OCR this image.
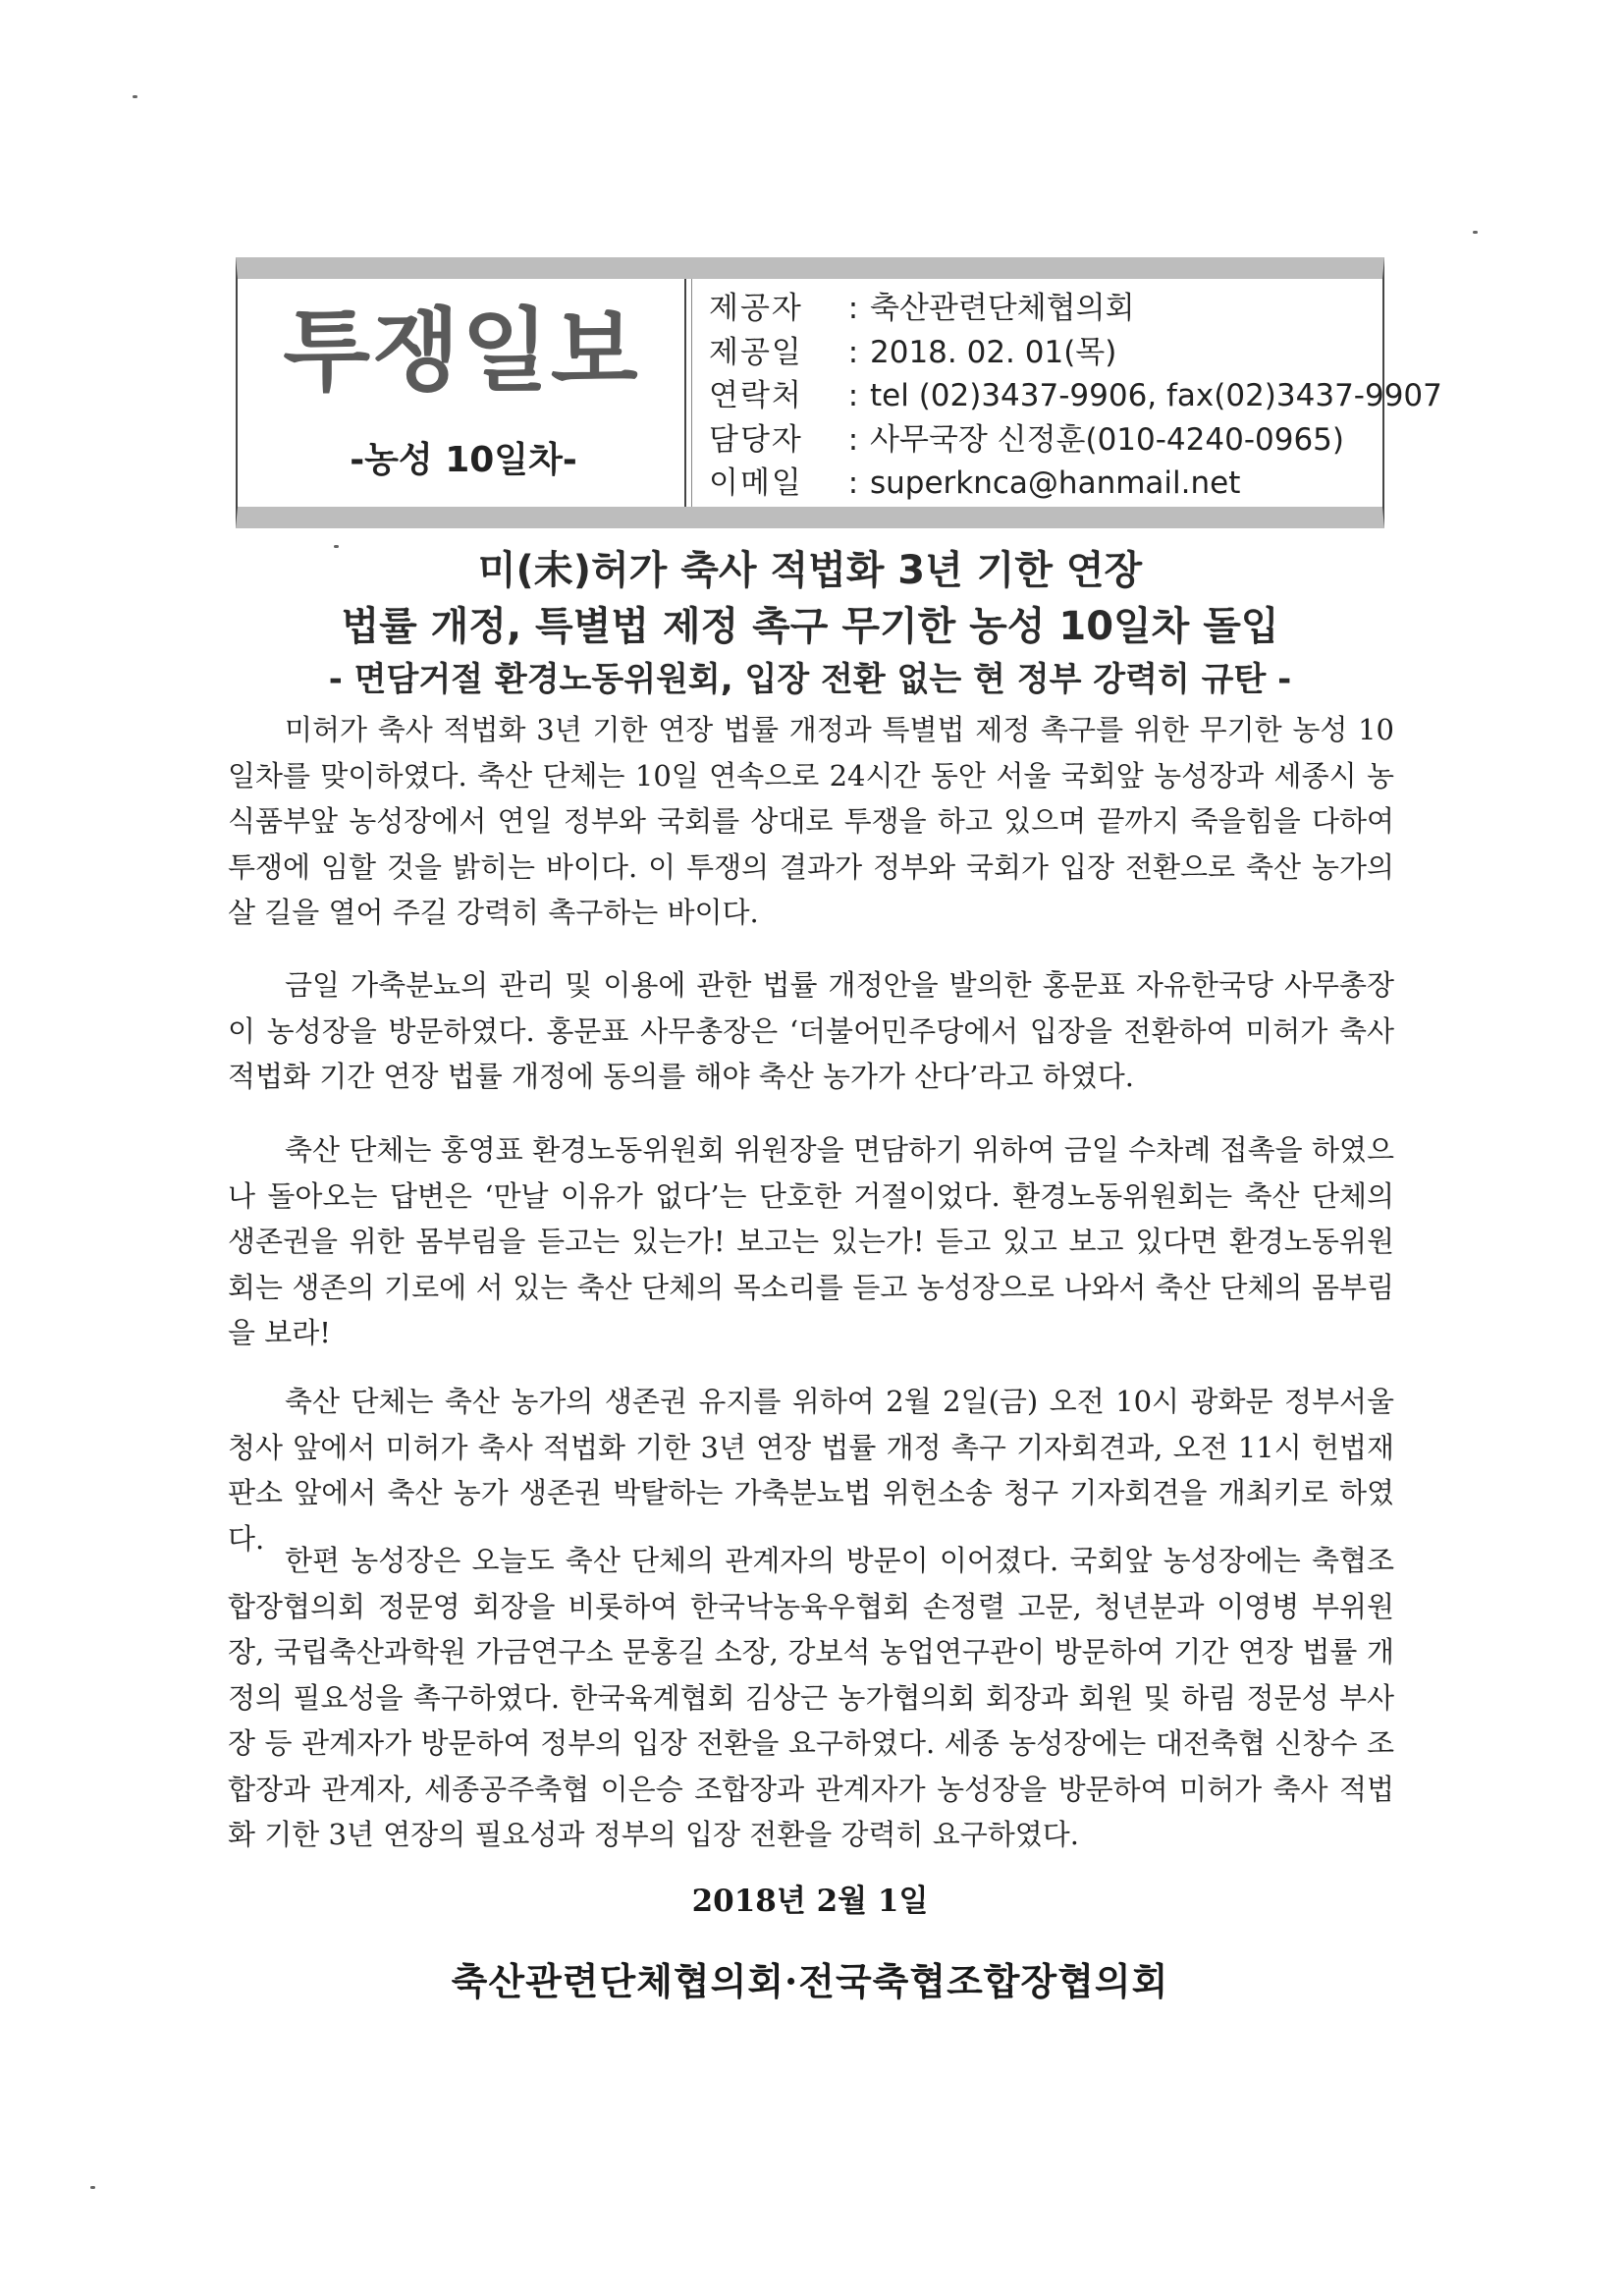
투쟁일보
-농성 10일차-
제공자 : 축산관련단체협의회
제공일 : 2018. 02. 01(목)
연락처 : tel (02)3437-9906, fax(02)3437-9907
담당자 : 사무국장 신정훈(010-4240-0965)
이메일 : superknca@hanmail.net
미(未)허가 축사 적법화 3년 기한 연장
법률 개정, 특별법 제정 촉구 무기한 농성 10일차 돌입
- 면담거절 환경노동위원회, 입장 전환 없는 현 정부 강력히 규탄 -

미허가 축사 적법화 3년 기한 연장 법률 개정과 특별법 제정 촉구를 위한 무기한 농성 10일차를 맞이하였다. 축산 단체는 10일 연속으로 24시간 동안 서울 국회앞 농성장과 세종시 농식품부앞 농성장에서 연일 정부와 국회를 상대로 투쟁을 하고 있으며 끝까지 죽을힘을 다하여 투쟁에 임할 것을 밝히는 바이다. 이 투쟁의 결과가 정부와 국회가 입장 전환으로 축산 농가의 살 길을 열어 주길 강력히 촉구하는 바이다.

금일 가축분뇨의 관리 및 이용에 관한 법률 개정안을 발의한 홍문표 자유한국당 사무총장이 농성장을 방문하였다. 홍문표 사무총장은 ‘더불어민주당에서 입장을 전환하여 미허가 축사 적법화 기간 연장 법률 개정에 동의를 해야 축산 농가가 산다’라고 하였다.

축산 단체는 홍영표 환경노동위원회 위원장을 면담하기 위하여 금일 수차례 접촉을 하였으나 돌아오는 답변은 ‘만날 이유가 없다’는 단호한 거절이었다. 환경노동위원회는 축산 단체의 생존권을 위한 몸부림을 듣고는 있는가! 보고는 있는가! 듣고 있고 보고 있다면 환경노동위원회는 생존의 기로에 서 있는 축산 단체의 목소리를 듣고 농성장으로 나와서 축산 단체의 몸부림을 보라!

축산 단체는 축산 농가의 생존권 유지를 위하여 2월 2일(금) 오전 10시 광화문 정부서울청사 앞에서 미허가 축사 적법화 기한 3년 연장 법률 개정 촉구 기자회견과, 오전 11시 헌법재판소 앞에서 축산 농가 생존권 박탈하는 가축분뇨법 위헌소송 청구 기자회견을 개최키로 하였다.

한편 농성장은 오늘도 축산 단체의 관계자의 방문이 이어졌다. 국회앞 농성장에는 축협조합장협의회 정문영 회장을 비롯하여 한국낙농육우협회 손정렬 고문, 청년분과 이영병 부위원장, 국립축산과학원 가금연구소 문홍길 소장, 강보석 농업연구관이 방문하여 기간 연장 법률 개정의 필요성을 촉구하였다. 한국육계협회 김상근 농가협의회 회장과 회원 및 하림 정문성 부사장 등 관계자가 방문하여 정부의 입장 전환을 요구하였다. 세종 농성장에는 대전축협 신창수 조합장과 관계자, 세종공주축협 이은승 조합장과 관계자가 농성장을 방문하여 미허가 축사 적법화 기한 3년 연장의 필요성과 정부의 입장 전환을 강력히 요구하였다.

2018년 2월 1일
축산관련단체협의회·전국축협조합장협의회
